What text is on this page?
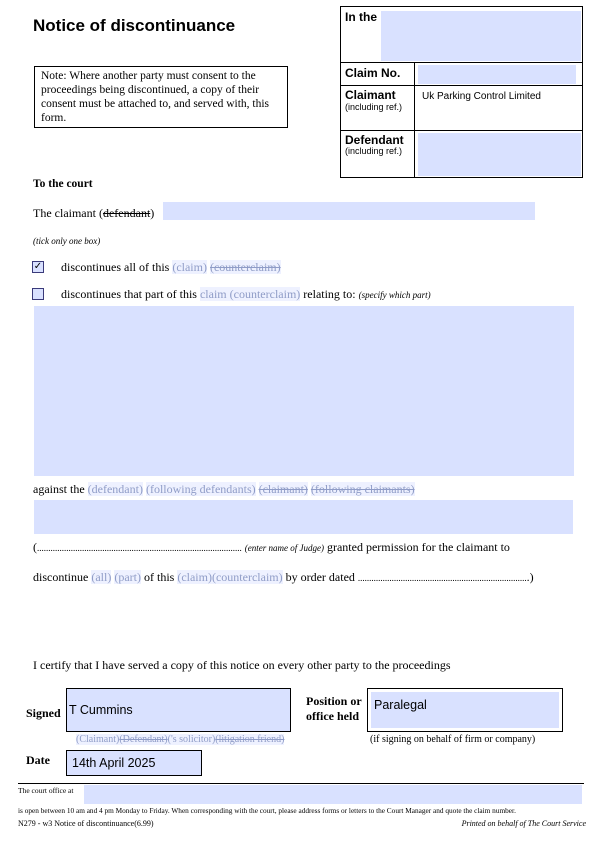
Notice of discontinuance
Note: Where another party must consent to the proceedings being discontinued, a copy of their consent must be attached to, and served with, this form.
In the
Claim No.
Claimant
(including ref.)
Uk Parking Control Limited
Defendant
(including ref.)
To the court
The claimant (defendant)
(tick only one box)
✓ discontinues all of this (claim) (counterclaim)
discontinues that part of this claim (counterclaim) relating to: (specify which part)
against the (defendant) (following defendants) (claimant) (following claimants)
(........................................................................................... (enter name of Judge) granted permission for the claimant to
discontinue (all) (part) of this (claim)(counterclaim) by order dated ............................................................................)
I certify that I have served a copy of this notice on every other party to the proceedings
Signed T Cummins
(Claimant)(Defendant)('s solicitor)(litigation friend)
Position or
office held
Paralegal
(if signing on behalf of firm or company)
Date	14th April 2025
The court office at
is open between 10 am and 4 pm Monday to Friday. When corresponding with the court, please address forms or letters to the Court Manager and quote the claim number.
N279 - w3 Notice of discontinuance(6.99)	Printed on behalf of The Court Service
